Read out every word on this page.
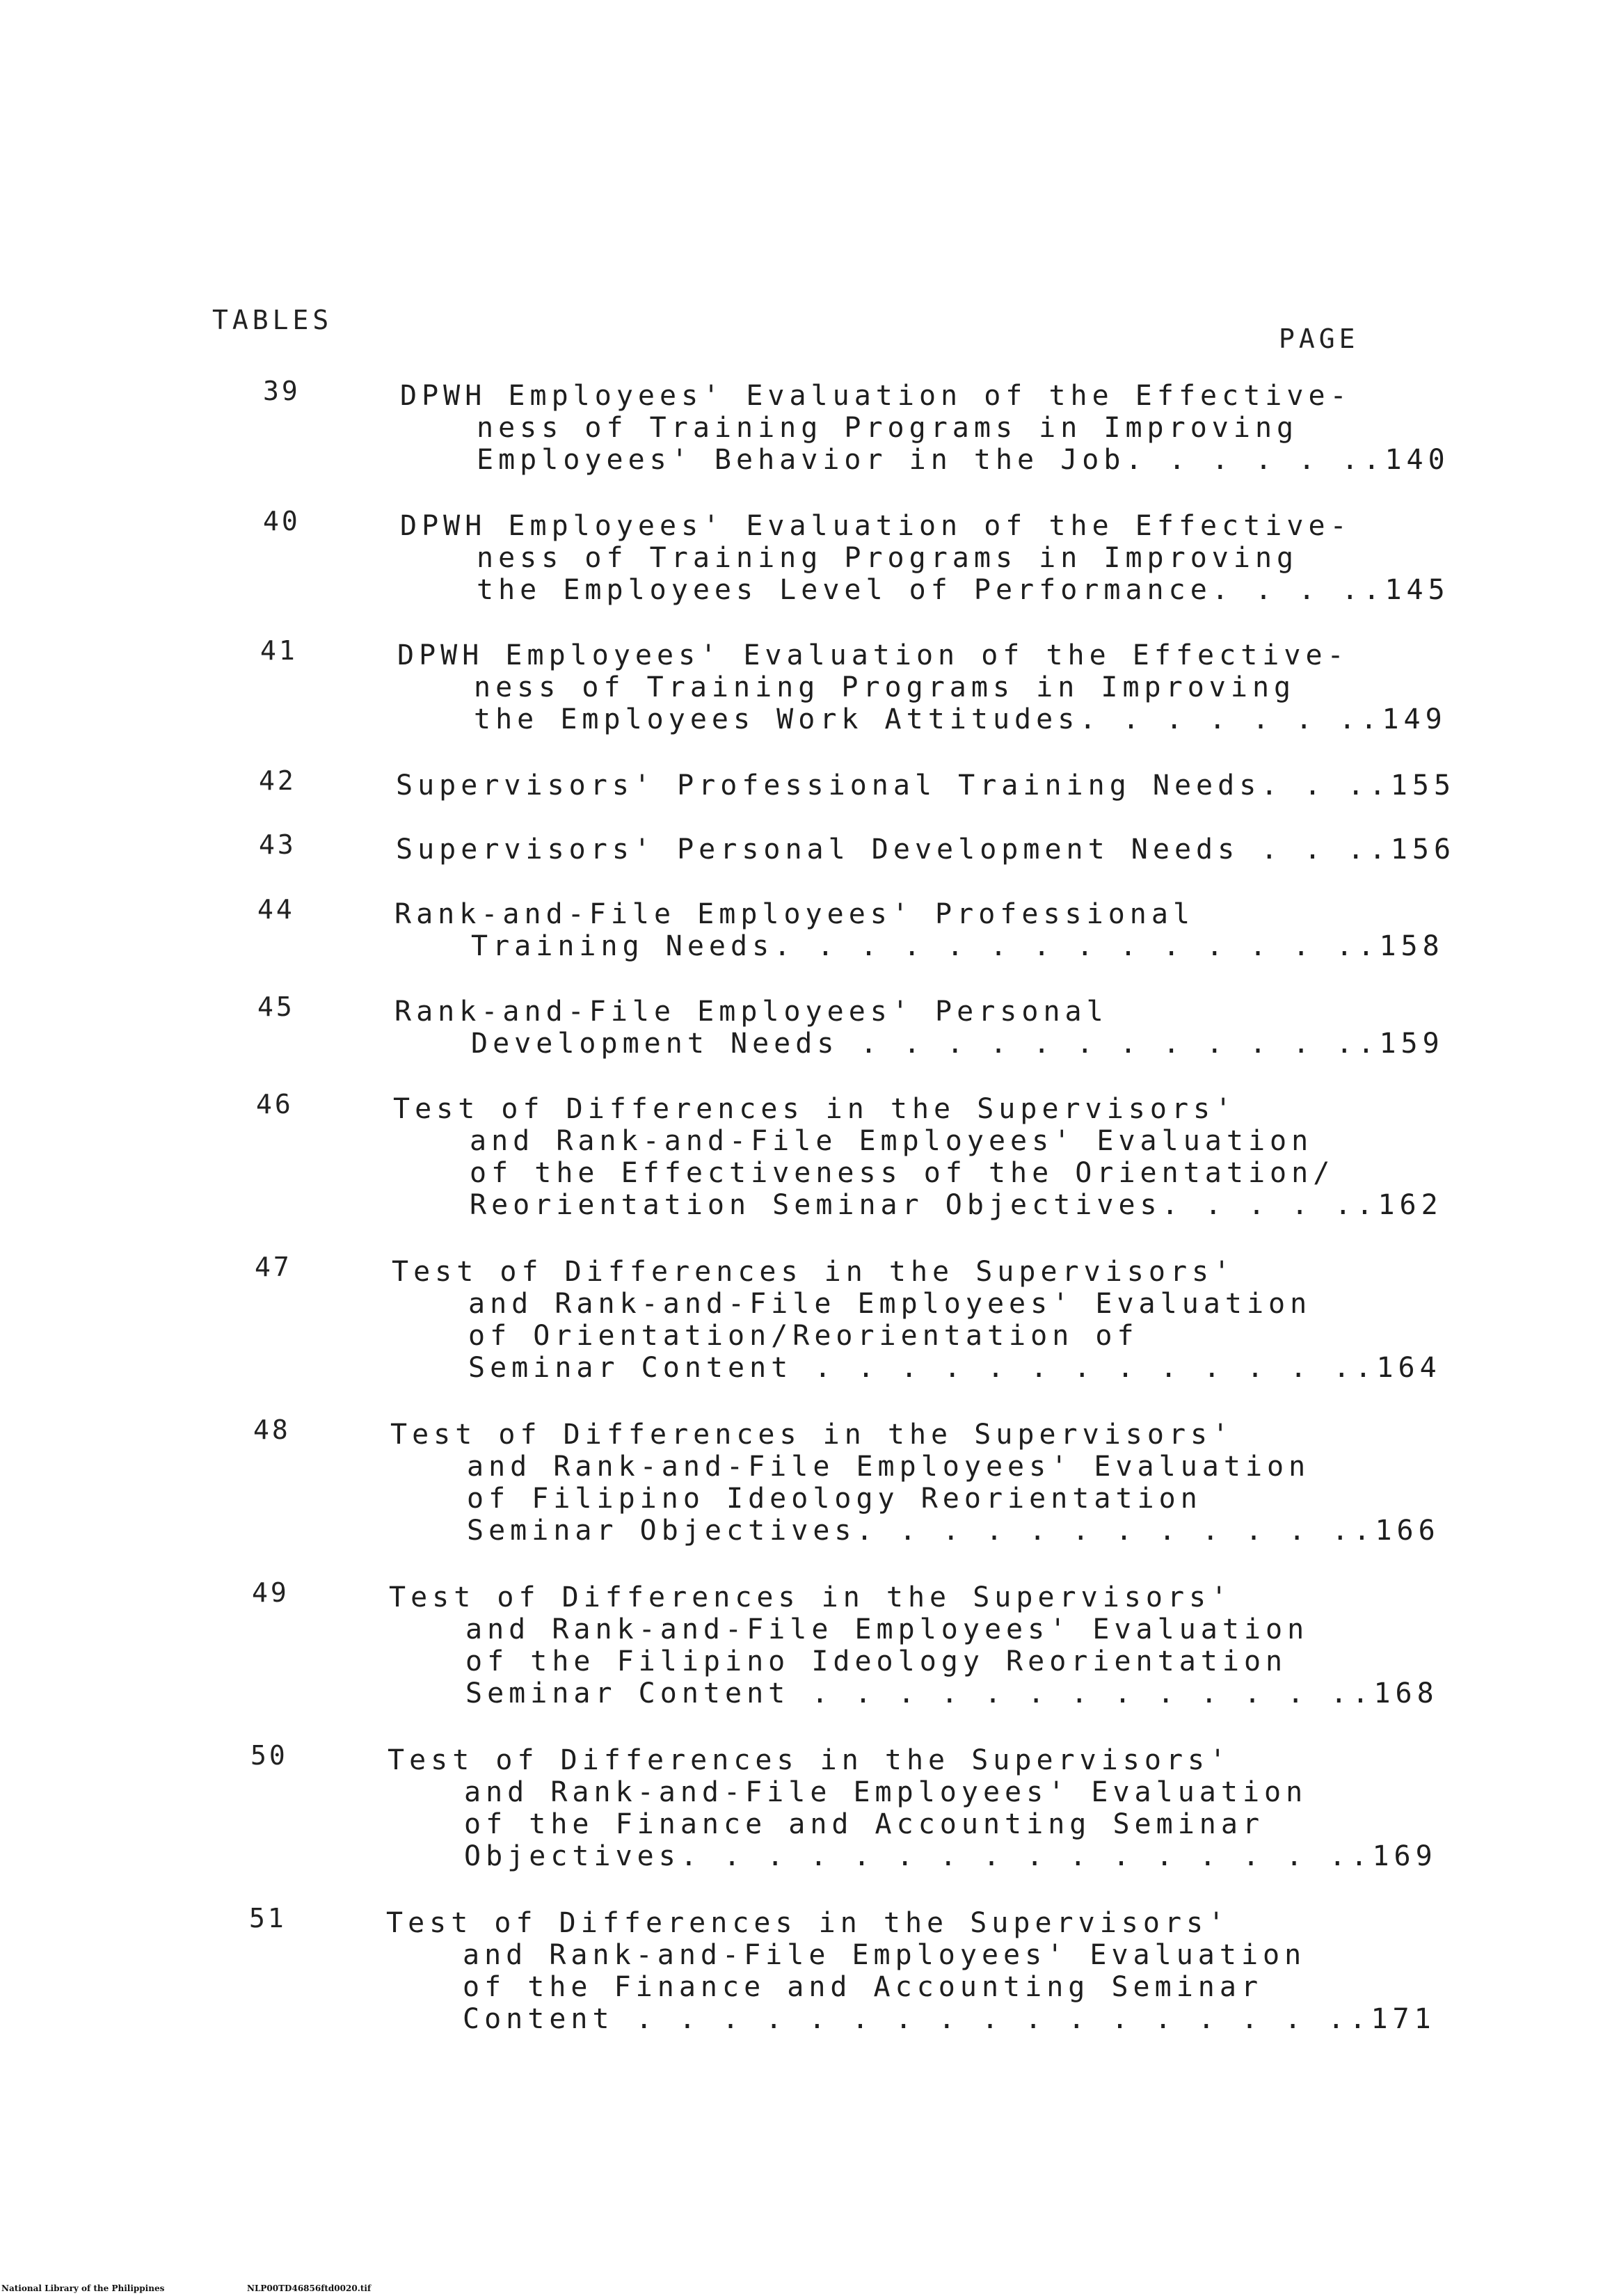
TABLES
PAGE
39	DPWH Employees' Evaluation of the Effective-
ness of Training Programs in Improving
Employees' Behavior in the Job. . . . . ..140
40	DPWH Employees' Evaluation of the Effective-
ness of Training Programs in Improving
the Employees Level of Performance. . . ..145
41	DPWH Employees' Evaluation of the Effective-
ness of Training Programs in Improving
the Employees Work Attitudes. . . . . . ..149
42	Supervisors' Professional Training Needs. . ..155
43	Supervisors' Personal Development Needs . . ..156
44	Rank-and-File Employees' Professional
Training Needs. . . . . . . . . . . . . ..158
45	Rank-and-File Employees' Personal
Development Needs . . . . . . . . . . . ..159
46	Test of Differences in the Supervisors'
and Rank-and-File Employees' Evaluation
of the Effectiveness of the Orientation/
Reorientation Seminar Objectives. . . . ..162
47	Test of Differences in the Supervisors'
and Rank-and-File Employees' Evaluation
of Orientation/Reorientation of
Seminar Content . . . . . . . . . . . . ..164
48	Test of Differences in the Supervisors'
and Rank-and-File Employees' Evaluation
of Filipino Ideology Reorientation
Seminar Objectives. . . . . . . . . . . ..166
49	Test of Differences in the Supervisors'
and Rank-and-File Employees' Evaluation
of the Filipino Ideology Reorientation
Seminar Content . . . . . . . . . . . . ..168
50	Test of Differences in the Supervisors'
and Rank-and-File Employees' Evaluation
of the Finance and Accounting Seminar
Objectives. . . . . . . . . . . . . . . ..169
51	Test of Differences in the Supervisors'
and Rank-and-File Employees' Evaluation
of the Finance and Accounting Seminar
Content . . . . . . . . . . . . . . . . ..171
National Library of the Philippines	NLP00TD46856ftd0020.tif
